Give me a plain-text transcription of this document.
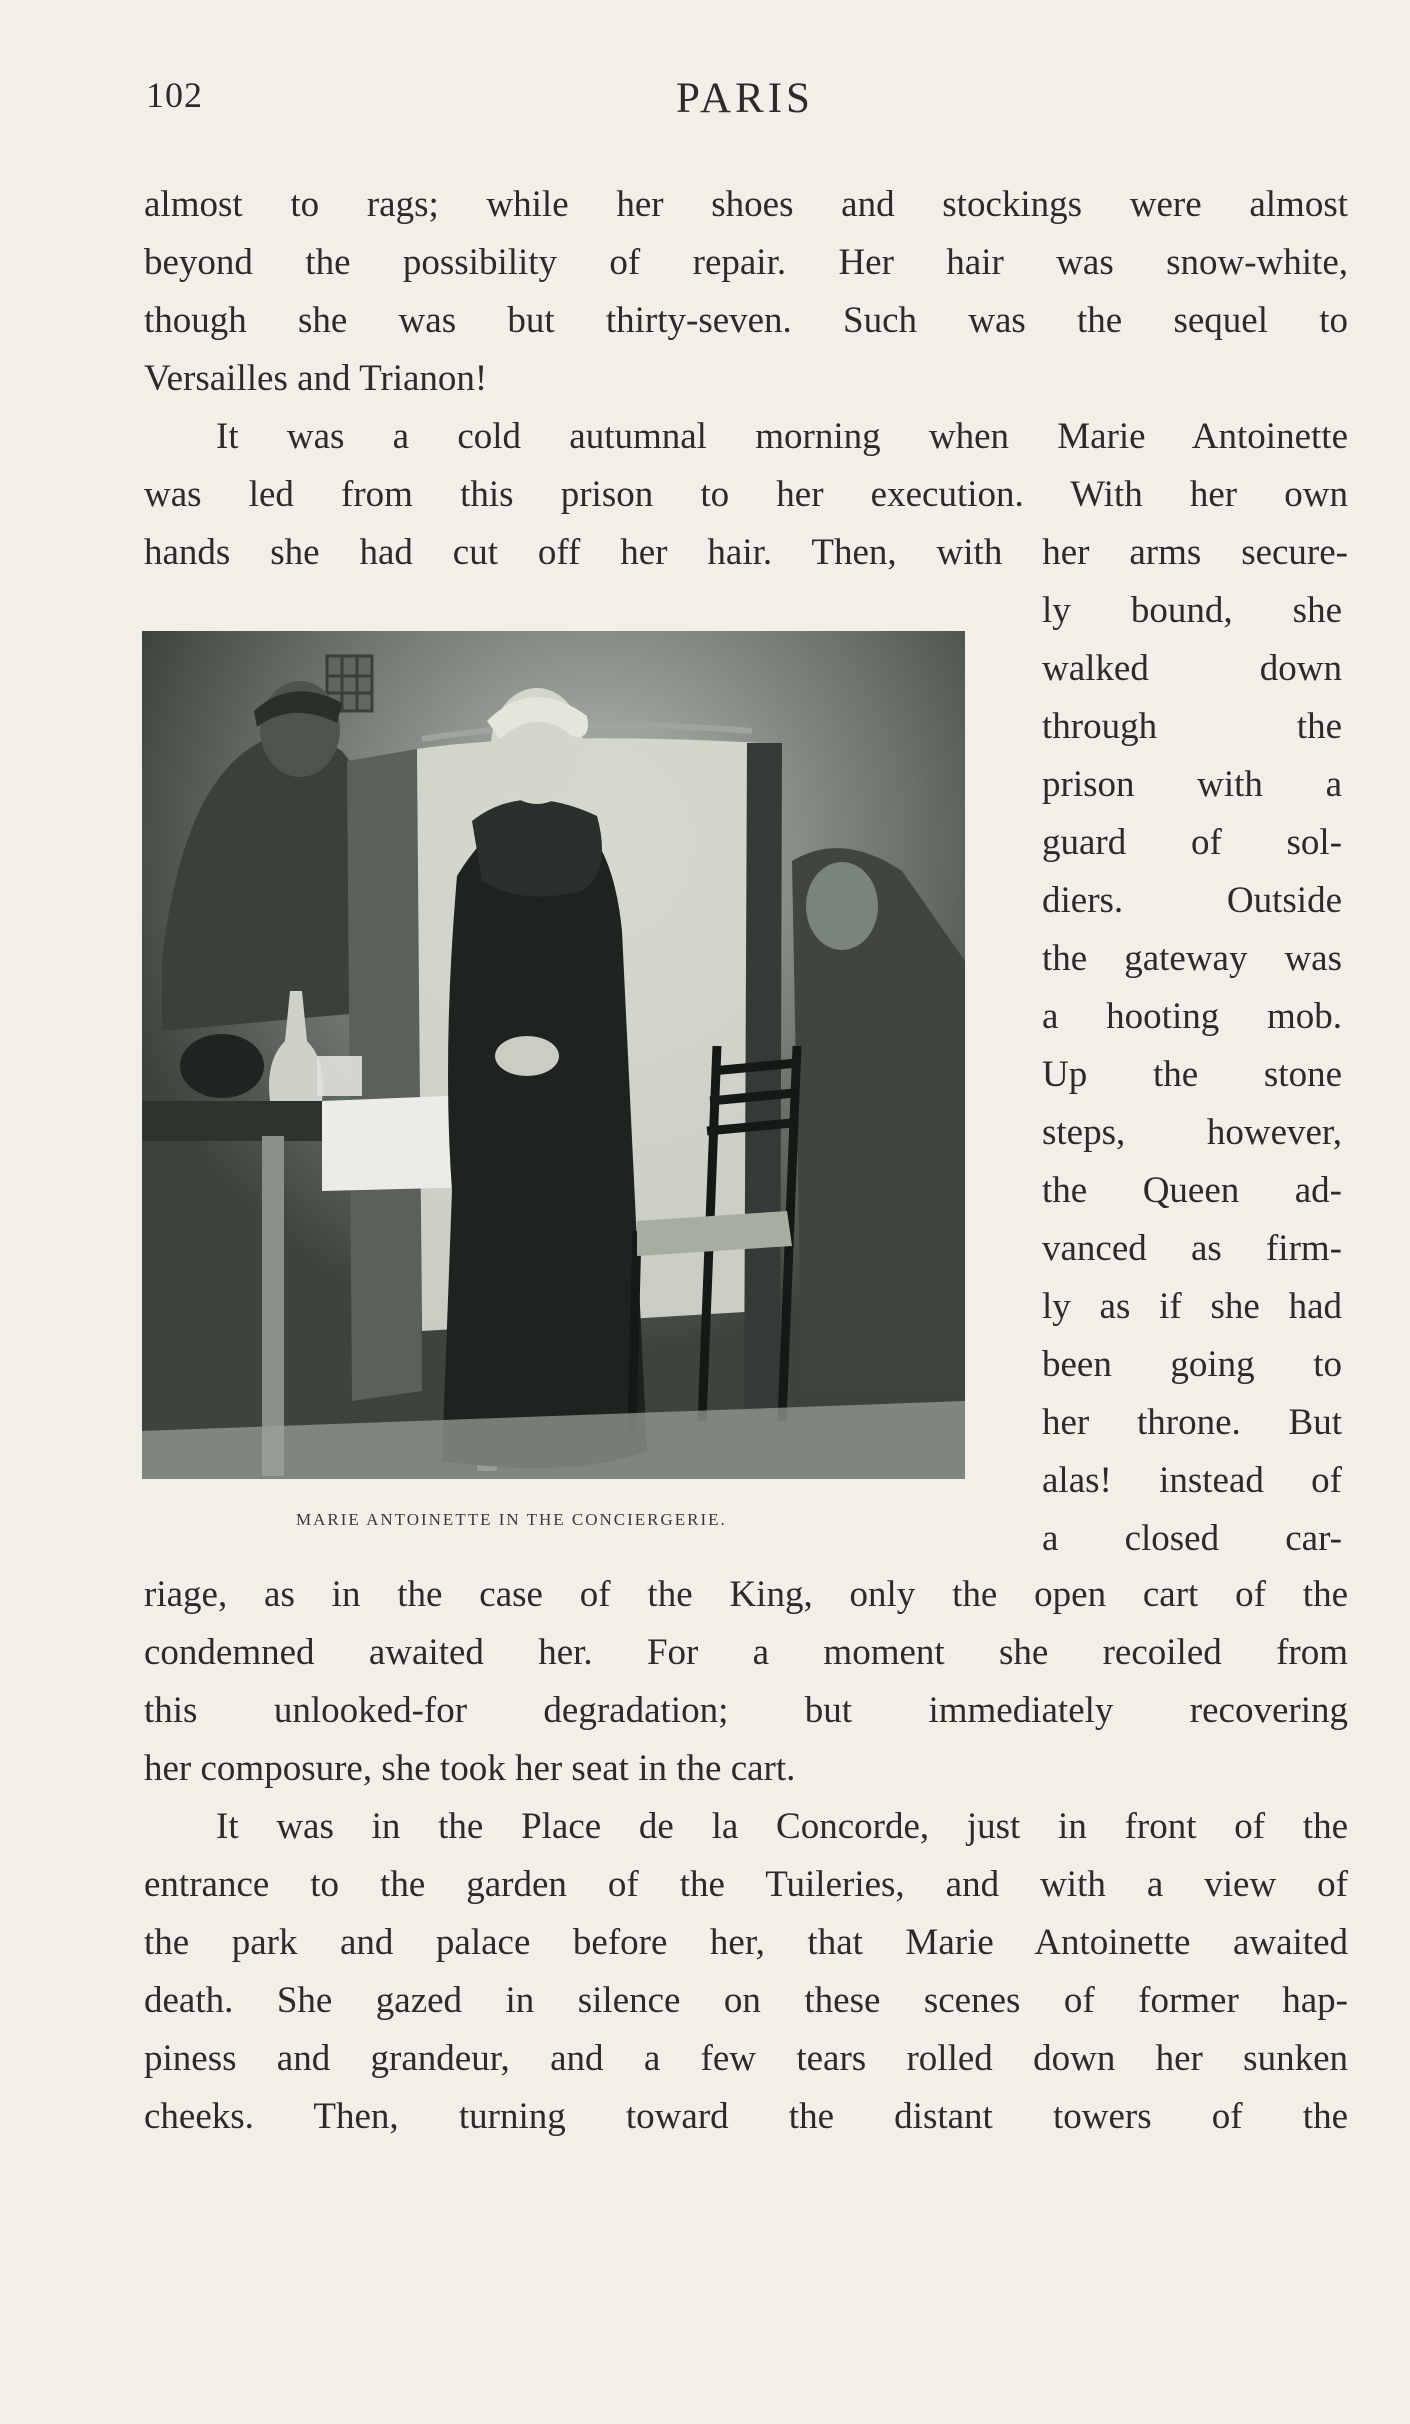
102	PARIS
almost to rags; while her shoes and stockings were almost
beyond the possibility of repair. Her hair was snow-white,
though she was but thirty-seven. Such was the sequel to
Versailles and Trianon!
It was a cold autumnal morning when Marie Antoinette
was led from this prison to her execution. With her own
hands she had cut off her hair. Then, with her arms secure-
ly bound, she
walked down
through the
prison with a
guard of sol-
diers. Outside
the gateway was
a hooting mob.
Up the stone
steps, however,
the Queen ad-
vanced as firm-
ly as if she had
been going to
her throne. But
alas! instead of
a closed car-
MARIE ANTOINETTE IN THE CONCIERGERIE.
riage, as in the case of the King, only the open cart of the
condemned awaited her. For a moment she recoiled from
this unlooked-for degradation; but immediately recovering
her composure, she took her seat in the cart.
It was in the Place de la Concorde, just in front of the
entrance to the garden of the Tuileries, and with a view of
the park and palace before her, that Marie Antoinette awaited
death. She gazed in silence on these scenes of former hap-
piness and grandeur, and a few tears rolled down her sunken
cheeks. Then, turning toward the distant towers of the
